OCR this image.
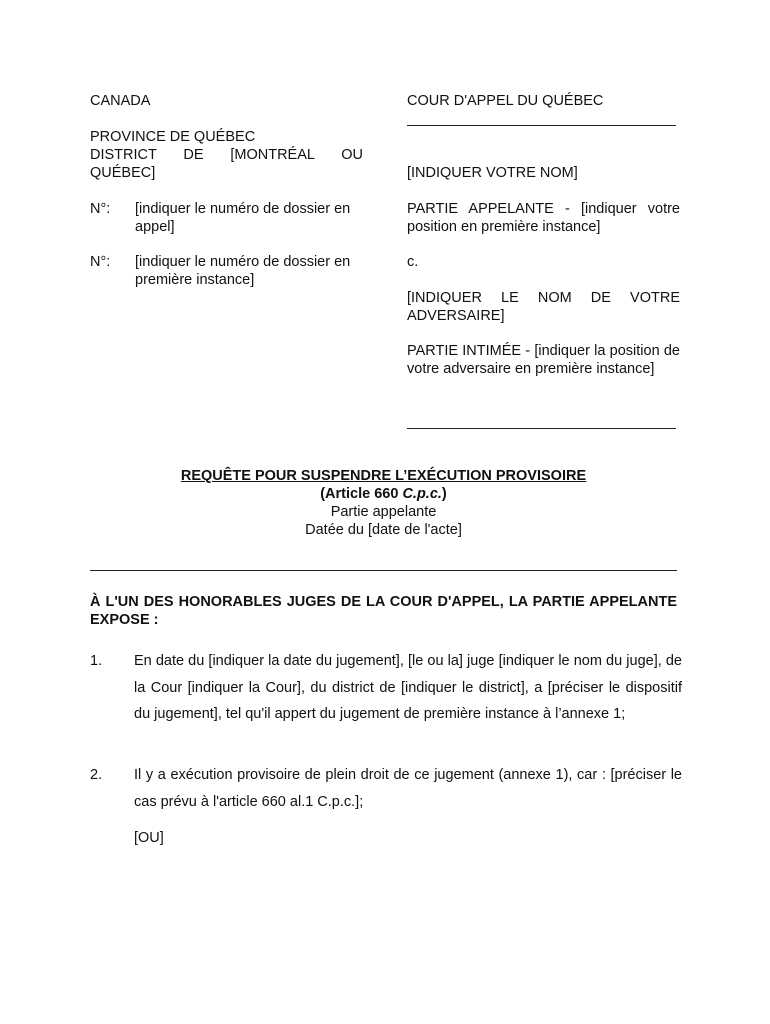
CANADA
PROVINCE DE QUÉBEC
DISTRICT DE [MONTRÉAL OU
QUÉBEC]
N°: [indiquer le numéro de dossier en appel]
N°: [indiquer le numéro de dossier en première instance]
COUR D'APPEL DU QUÉBEC
[INDIQUER VOTRE NOM]
PARTIE APPELANTE - [indiquer votre position en première instance]
c.
[INDIQUER LE NOM DE VOTRE ADVERSAIRE]
PARTIE INTIMÉE - [indiquer la position de votre adversaire en première instance]
REQUÊTE POUR SUSPENDRE L’EXÉCUTION PROVISOIRE
(Article 660 C.p.c.)
Partie appelante
Datée du [date de l'acte]
À L'UN DES HONORABLES JUGES DE LA COUR D'APPEL, LA PARTIE APPELANTE EXPOSE :
1. En date du [indiquer la date du jugement], [le ou la] juge [indiquer le nom du juge], de la Cour [indiquer la Cour], du district de [indiquer le district], a [préciser le dispositif du jugement], tel qu'il appert du jugement de première instance à l’annexe 1;
2. Il y a exécution provisoire de plein droit de ce jugement (annexe 1), car : [préciser le cas prévu à l'article 660 al.1 C.p.c.];
[OU]
